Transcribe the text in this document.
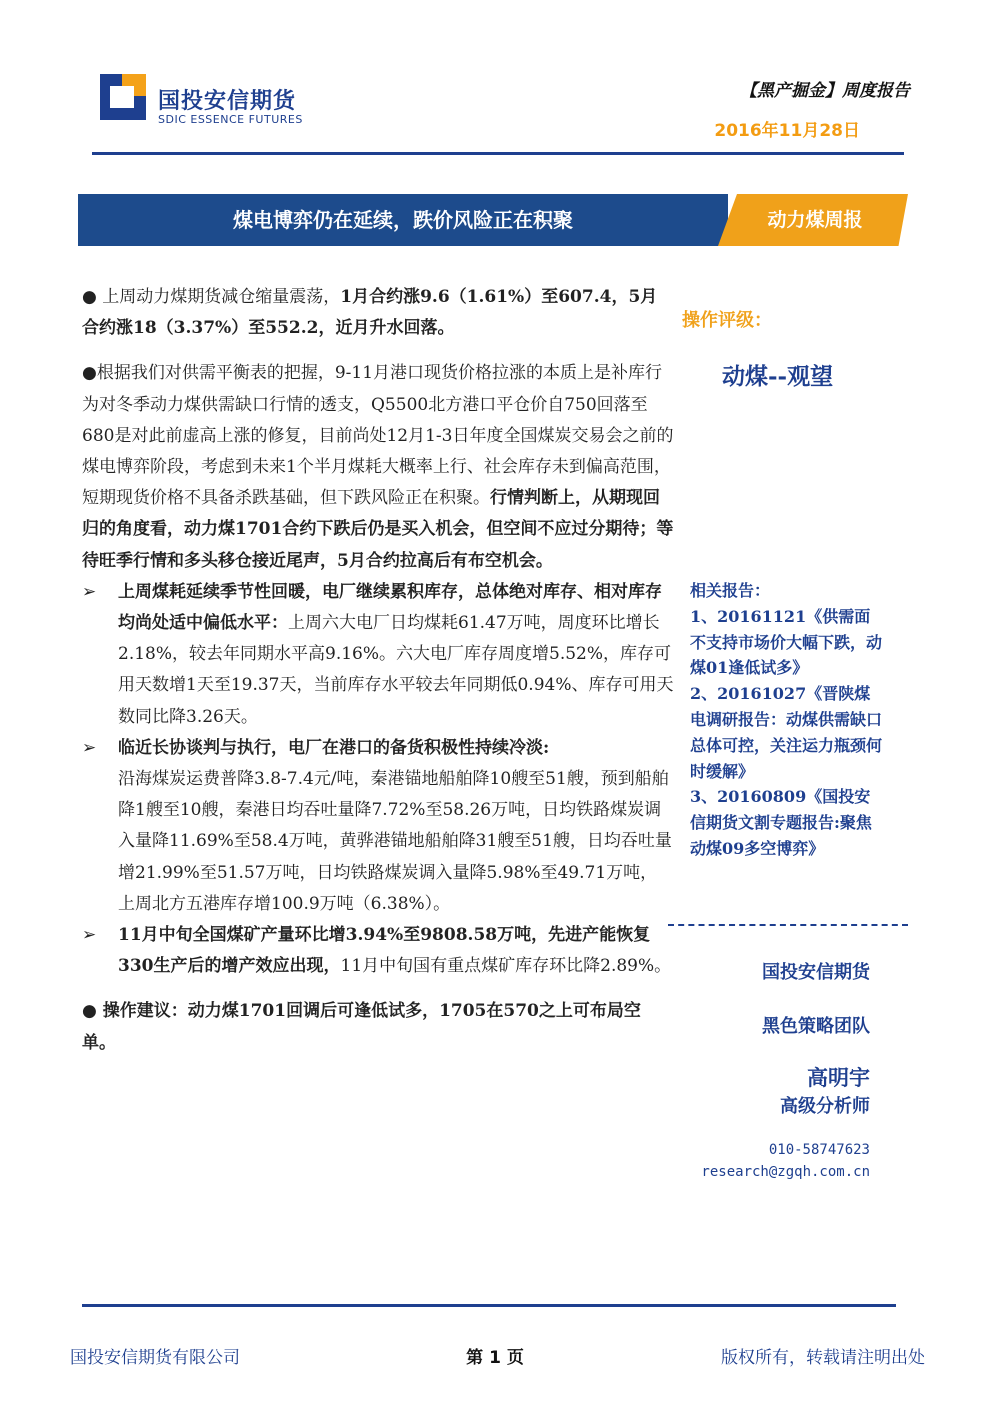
国投安信期货
SDIC ESSENCE FUTURES
【黑产掘金】周度报告
2016年11月28日
煤电博弈仍在延续，跌价风险正在积聚	动力煤周报

● 上周动力煤期货减仓缩量震荡，1月合约涨9.6（1.61%）至607.4，5月合约涨18（3.37%）至552.2，近月升水回落。

●根据我们对供需平衡表的把握，9-11月港口现货价格拉涨的本质上是补库行为对冬季动力煤供需缺口行情的透支，Q5500北方港口平仓价自750回落至680是对此前虚高上涨的修复，目前尚处12月1-3日年度全国煤炭交易会之前的煤电博弈阶段，考虑到未来1个半月煤耗大概率上行、社会库存未到偏高范围，短期现货价格不具备杀跌基础，但下跌风险正在积聚。行情判断上，从期现回归的角度看，动力煤1701合约下跌后仍是买入机会，但空间不应过分期待；等待旺季行情和多头移仓接近尾声，5月合约拉高后有布空机会。

➢ 上周煤耗延续季节性回暖，电厂继续累积库存，总体绝对库存、相对库存均尚处适中偏低水平：上周六大电厂日均煤耗61.47万吨，周度环比增长2.18%，较去年同期水平高9.16%。六大电厂库存周度增5.52%，库存可用天数增1天至19.37天，当前库存水平较去年同期低0.94%、库存可用天数同比降3.26天。
➢ 临近长协谈判与执行，电厂在港口的备货积极性持续冷淡:
沿海煤炭运费普降3.8-7.4元/吨，秦港锚地船舶降10艘至51艘，预到船舶降1艘至10艘，秦港日均吞吐量降7.72%至58.26万吨，日均铁路煤炭调入量降11.69%至58.4万吨，黄骅港锚地船舶降31艘至51艘，日均吞吐量增21.99%至51.57万吨，日均铁路煤炭调入量降5.98%至49.71万吨，上周北方五港库存增100.9万吨（6.38%）。
➢ 11月中旬全国煤矿产量环比增3.94%至9808.58万吨，先进产能恢复330生产后的增产效应出现，11月中旬国有重点煤矿库存环比降2.89%。

● 操作建议：动力煤1701回调后可逢低试多，1705在570之上可布局空单。

操作评级：
动煤--观望

相关报告：

1、20161121《供需面不支持市场价大幅下跌，动煤01逢低试多》

2、20161027《晋陕煤电调研报告：动煤供需缺口总体可控，关注运力瓶颈何时缓解》

3、20160809《国投安信期货文割专题报告:聚焦动煤09多空博弈》

国投安信期货
黑色策略团队
高明宇
高级分析师
010-58747623
research@zgqh.com.cn
国投安信期货有限公司	第 1 页	版权所有，转载请注明出处
